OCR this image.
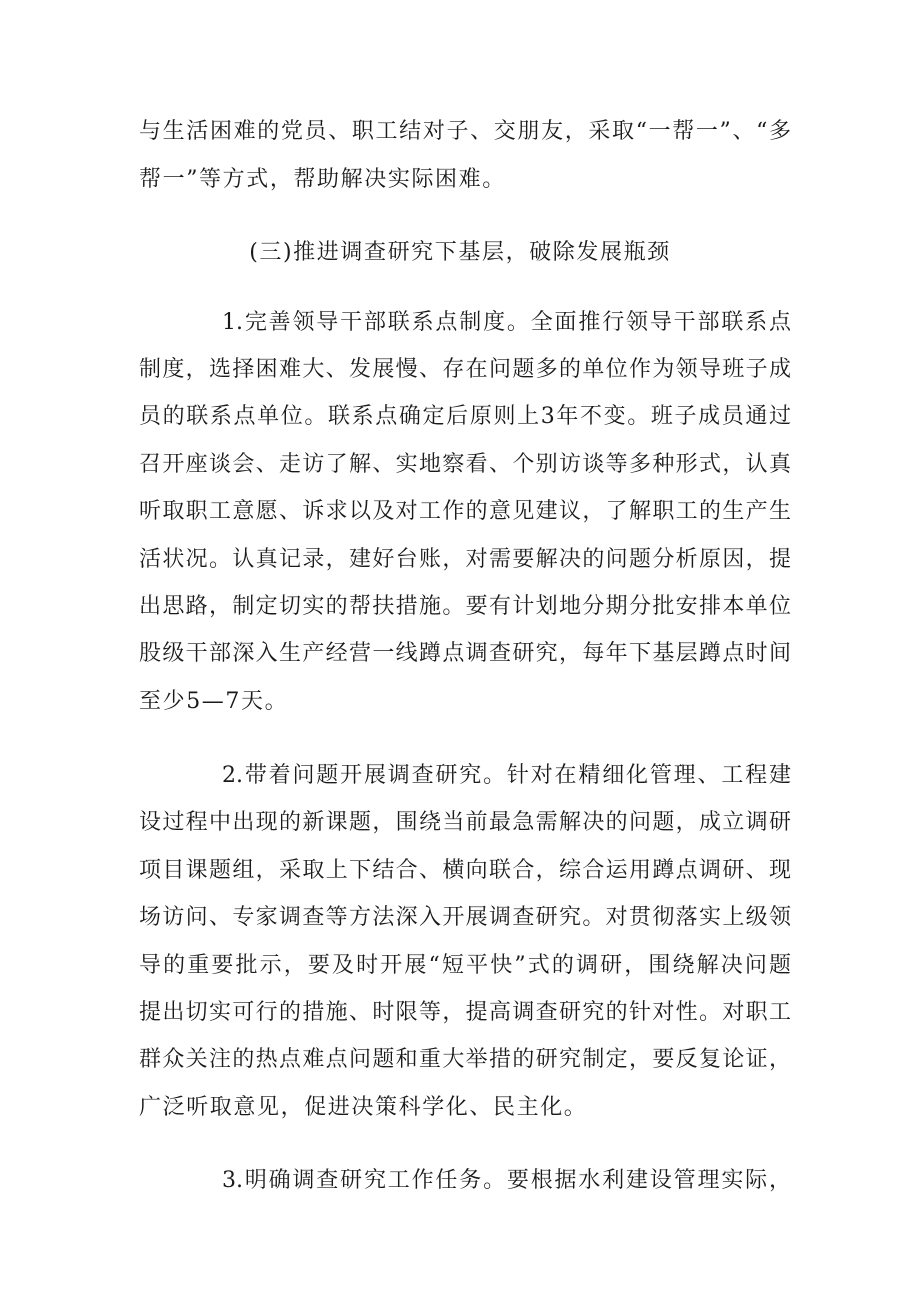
与生活困难的党员、职工结对子、交朋友，采取“一帮一”、“多
帮一”等方式，帮助解决实际困难。
(三)推进调查研究下基层，破除发展瓶颈
1.完善领导干部联系点制度。全面推行领导干部联系点
制度，选择困难大、发展慢、存在问题多的单位作为领导班子成
员的联系点单位。联系点确定后原则上3年不变。班子成员通过
召开座谈会、走访了解、实地察看、个别访谈等多种形式，认真
听取职工意愿、诉求以及对工作的意见建议，了解职工的生产生
活状况。认真记录，建好台账，对需要解决的问题分析原因，提
出思路，制定切实的帮扶措施。要有计划地分期分批安排本单位
股级干部深入生产经营一线蹲点调查研究，每年下基层蹲点时间
至少5—7天。
2.带着问题开展调查研究。针对在精细化管理、工程建
设过程中出现的新课题，围绕当前最急需解决的问题，成立调研
项目课题组，采取上下结合、横向联合，综合运用蹲点调研、现
场访问、专家调查等方法深入开展调查研究。对贯彻落实上级领
导的重要批示，要及时开展“短平快”式的调研，围绕解决问题
提出切实可行的措施、时限等，提高调查研究的针对性。对职工
群众关注的热点难点问题和重大举措的研究制定，要反复论证，
广泛听取意见，促进决策科学化、民主化。
3.明确调查研究工作任务。要根据水利建设管理实际，
